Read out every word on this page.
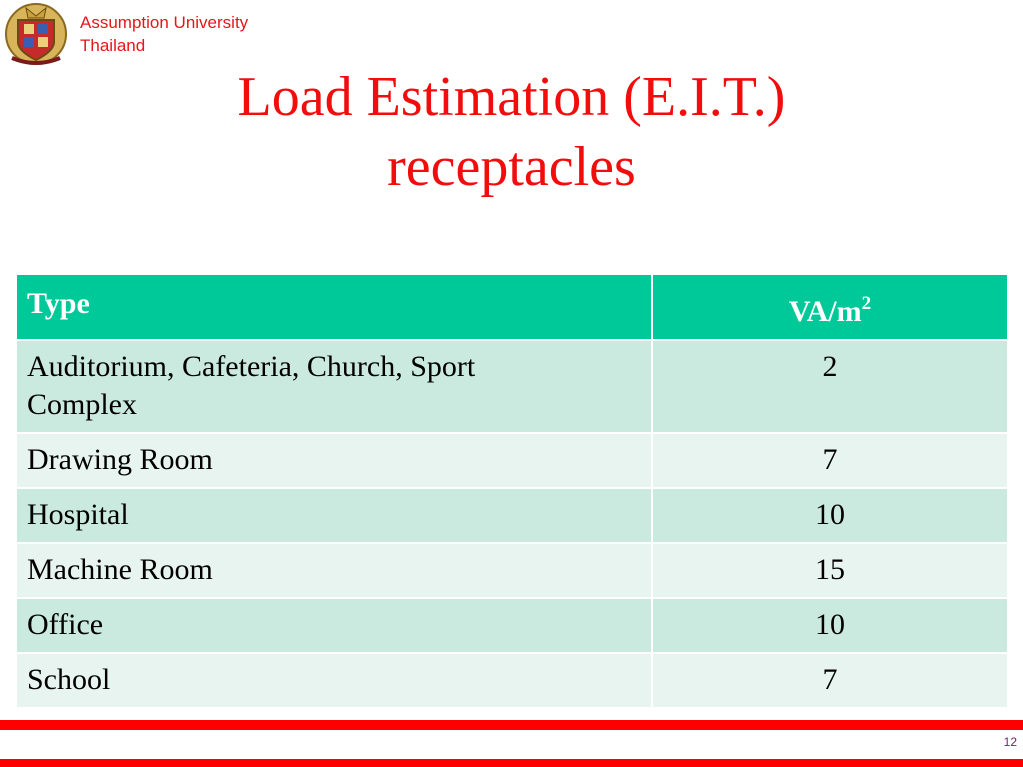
Assumption University
Thailand
Load Estimation (E.I.T.)
receptacles
Type	$VA/m^2$

Auditorium, Cafeteria, Church, Sport
Complex	2
Drawing Room	7
Hospital	10
Machine Room	15
Office	10
School	7
12
